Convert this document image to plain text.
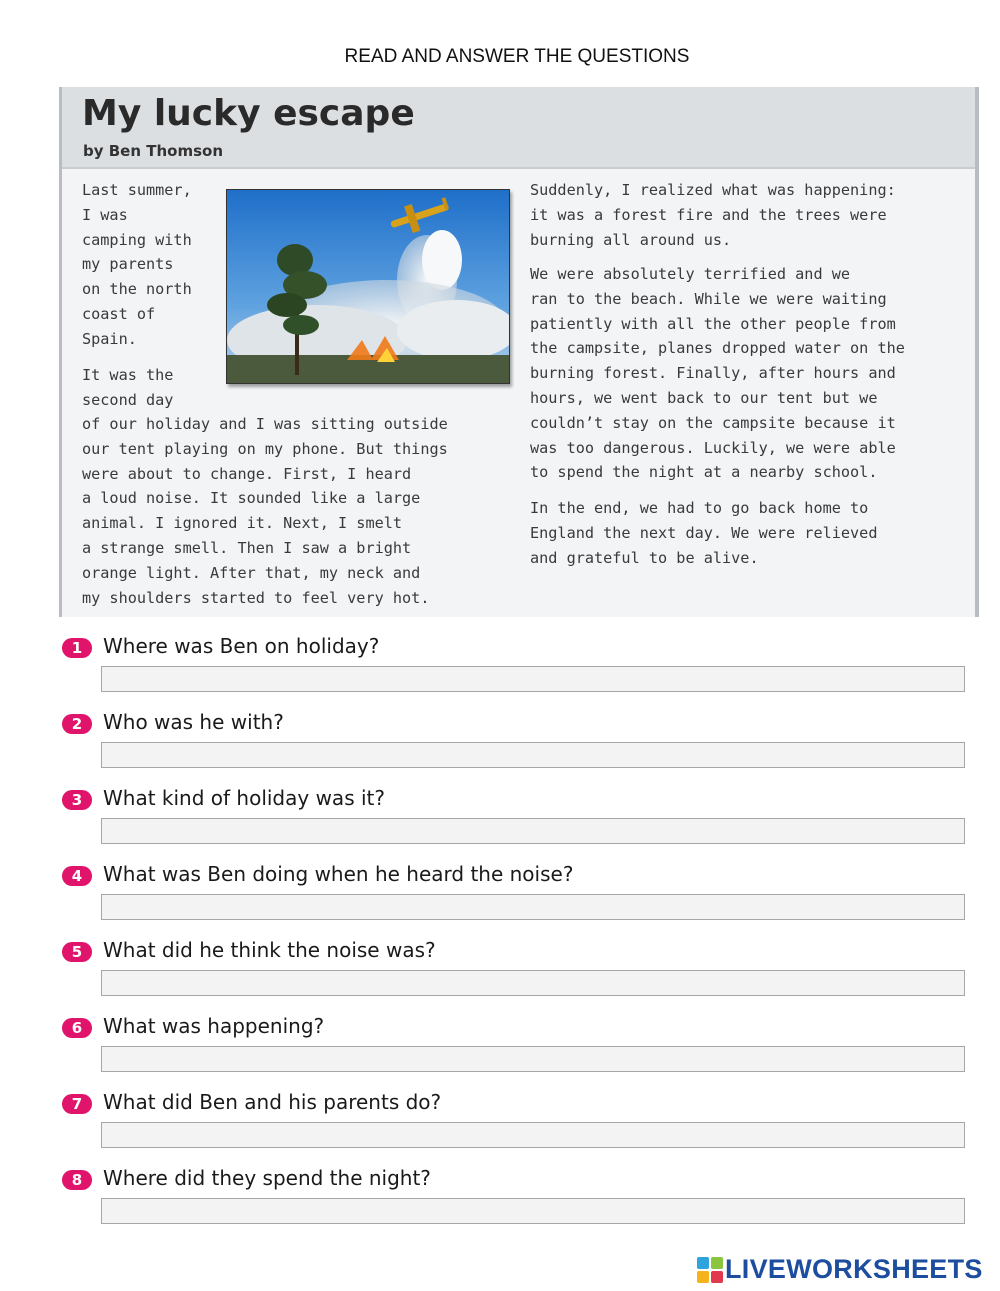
READ AND ANSWER THE QUESTIONS
My lucky escape
by Ben Thomson

Last summer,
I was
camping with
my parents
on the north
coast of
Spain.

It was the
second day

of our holiday and I was sitting outside
our tent playing on my phone. But things
were about to change. First, I heard
a loud noise. It sounded like a large
animal. I ignored it. Next, I smelt
a strange smell. Then I saw a bright
orange light. After that, my neck and
my shoulders started to feel very hot.

Suddenly, I realized what was happening:
it was a forest fire and the trees were
burning all around us.

We were absolutely terrified and we
ran to the beach. While we were waiting
patiently with all the other people from
the campsite, planes dropped water on the
burning forest. Finally, after hours and
hours, we went back to our tent but we
couldn’t stay on the campsite because it
was too dangerous. Luckily, we were able
to spend the night at a nearby school.

In the end, we had to go back home to
England the next day. We were relieved
and grateful to be alive.

1	Where was Ben on holiday?
2	Who was he with?
3	What kind of holiday was it?
4	What was Ben doing when he heard the noise?
5	What did he think the noise was?
6	What was happening?
7	What did Ben and his parents do?
8	Where did they spend the night?
LIVEWORKSHEETS
